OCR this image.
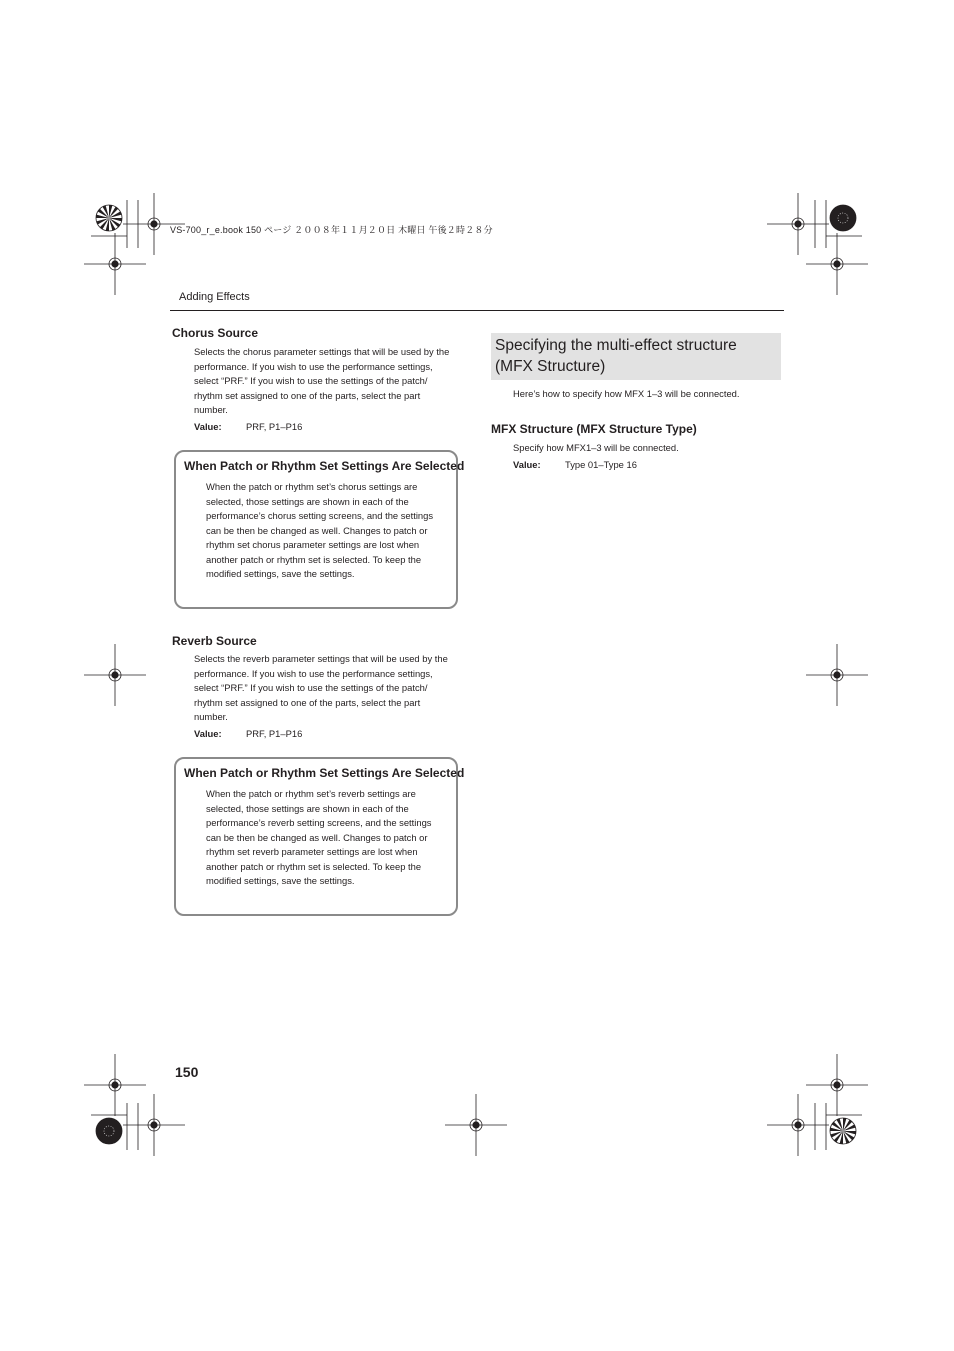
VS-700_r_e.book 150 ページ ２００８年１１月２０日 木曜日 午後２時２８分
Adding Effects
Chorus Source
Selects the chorus parameter settings that will be used by the
performance. If you wish to use the performance settings,
select “PRF.” If you wish to use the settings of the patch/
rhythm set assigned to one of the parts, select the part
number.
Value:	PRF, P1–P16
When Patch or Rhythm Set Settings Are Selected
When the patch or rhythm set’s chorus settings are
selected, those settings are shown in each of the
performance’s chorus setting screens, and the settings
can be then be changed as well. Changes to patch or
rhythm set chorus parameter settings are lost when
another patch or rhythm set is selected. To keep the
modified settings, save the settings.
Reverb Source
Selects the reverb parameter settings that will be used by the
performance. If you wish to use the performance settings,
select “PRF.” If you wish to use the settings of the patch/
rhythm set assigned to one of the parts, select the part
number.
Value:	PRF, P1–P16
When Patch or Rhythm Set Settings Are Selected
When the patch or rhythm set’s reverb settings are
selected, those settings are shown in each of the
performance’s reverb setting screens, and the settings
can be then be changed as well. Changes to patch or
rhythm set reverb parameter settings are lost when
another patch or rhythm set is selected. To keep the
modified settings, save the settings.
Specifying the multi-effect structure
(MFX Structure)
Here’s how to specify how MFX 1–3 will be connected.
MFX Structure (MFX Structure Type)
Specify how MFX1–3 will be connected.
Value:	Type 01–Type 16
150
